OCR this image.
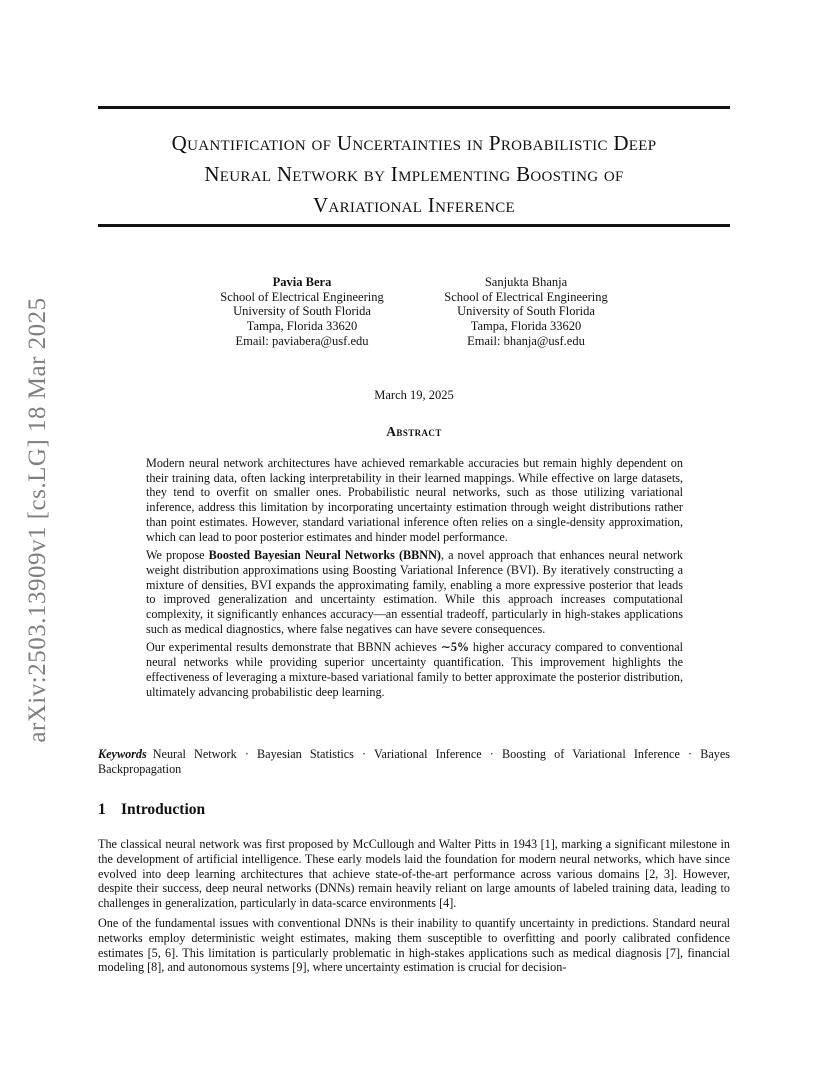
arXiv:2503.13909v1 [cs.LG] 18 Mar 2025
Quantification of Uncertainties in Probabilistic Deep
Neural Network by Implementing Boosting of
Variational Inference
Pavia Bera
School of Electrical Engineering
University of South Florida
Tampa, Florida 33620
Email: paviabera@usf.edu
Sanjukta Bhanja
School of Electrical Engineering
University of South Florida
Tampa, Florida 33620
Email: bhanja@usf.edu
March 19, 2025
Abstract

Modern neural network architectures have achieved remarkable accuracies but remain highly dependent on their training data, often lacking interpretability in their learned mappings. While effective on large datasets, they tend to overfit on smaller ones. Probabilistic neural networks, such as those utilizing variational inference, address this limitation by incorporating uncertainty estimation through weight distributions rather than point estimates. However, standard variational inference often relies on a single-density approximation, which can lead to poor posterior estimates and hinder model performance.

We propose Boosted Bayesian Neural Networks (BBNN), a novel approach that enhances neural network weight distribution approximations using Boosting Variational Inference (BVI). By iteratively constructing a mixture of densities, BVI expands the approximating family, enabling a more expressive posterior that leads to improved generalization and uncertainty estimation. While this approach increases computational complexity, it significantly enhances accuracy—an essential tradeoff, particularly in high-stakes applications such as medical diagnostics, where false negatives can have severe consequences.

Our experimental results demonstrate that BBNN achieves ∼5% higher accuracy compared to conventional neural networks while providing superior uncertainty quantification. This improvement highlights the effectiveness of leveraging a mixture-based variational family to better approximate the posterior distribution, ultimately advancing probabilistic deep learning.

Keywords Neural Network · Bayesian Statistics · Variational Inference · Boosting of Variational Inference · Bayes Backpropagation
1 Introduction

The classical neural network was first proposed by McCullough and Walter Pitts in 1943 [1], marking a significant milestone in the development of artificial intelligence. These early models laid the foundation for modern neural networks, which have since evolved into deep learning architectures that achieve state-of-the-art performance across various domains [2, 3]. However, despite their success, deep neural networks (DNNs) remain heavily reliant on large amounts of labeled training data, leading to challenges in generalization, particularly in data-scarce environments [4].

One of the fundamental issues with conventional DNNs is their inability to quantify uncertainty in predictions. Standard neural networks employ deterministic weight estimates, making them susceptible to overfitting and poorly calibrated confidence estimates [5, 6]. This limitation is particularly problematic in high-stakes applications such as medical diagnosis [7], financial modeling [8], and autonomous systems [9], where uncertainty estimation is crucial for decision-
